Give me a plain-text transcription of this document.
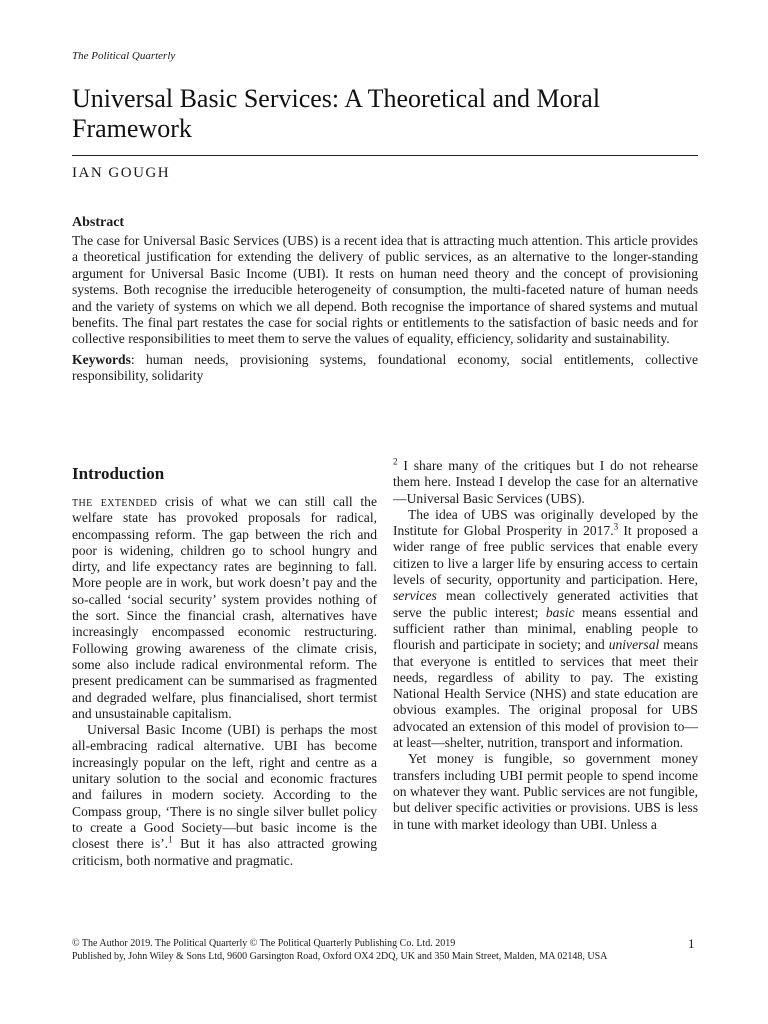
The Political Quarterly
Universal Basic Services: A Theoretical and Moral Framework
IAN GOUGH
Abstract

The case for Universal Basic Services (UBS) is a recent idea that is attracting much attention. This article provides a theoretical justification for extending the delivery of public services, as an alternative to the longer-standing argument for Universal Basic Income (UBI). It rests on human need theory and the concept of provisioning systems. Both recognise the irreducible heterogeneity of consumption, the multi-faceted nature of human needs and the variety of systems on which we all depend. Both recognise the importance of shared systems and mutual benefits. The final part restates the case for social rights or entitlements to the satisfaction of basic needs and for collective responsibilities to meet them to serve the values of equality, efficiency, solidarity and sustainability.

Keywords: human needs, provisioning systems, foundational economy, social entitlements, collective responsibility, solidarity

Introduction

the extended crisis of what we can still call the welfare state has provoked proposals for radical, encompassing reform. The gap between the rich and poor is widening, children go to school hungry and dirty, and life expectancy rates are beginning to fall. More people are in work, but work doesn’t pay and the so-called ‘social security’ system provides nothing of the sort. Since the financial crash, alternatives have increasingly encompassed economic restructuring. Following growing awareness of the climate crisis, some also include radical environmental reform. The present predicament can be summarised as fragmented and degraded welfare, plus financialised, short termist and unsustainable capitalism.

Universal Basic Income (UBI) is perhaps the most all-embracing radical alternative. UBI has become increasingly popular on the left, right and centre as a unitary solution to the social and economic fractures and failures in modern society. According to the Compass group, ‘There is no single silver bullet policy to create a Good Society—but basic income is the closest there is’.$^1$ But it has also attracted growing criticism, both normative and pragmatic.

$^2$ I share many of the critiques but I do not rehearse them here. Instead I develop the case for an alternative —Universal Basic Services (UBS).

The idea of UBS was originally developed by the Institute for Global Prosperity in 2017.$^3$ It proposed a wider range of free public services that enable every citizen to live a larger life by ensuring access to certain levels of security, opportunity and participation. Here, services mean collectively generated activities that serve the public interest; basic means essential and sufficient rather than minimal, enabling people to flourish and participate in society; and universal means that everyone is entitled to services that meet their needs, regardless of ability to pay. The existing National Health Service (NHS) and state education are obvious examples. The original proposal for UBS advocated an extension of this model of provision to—at least—shelter, nutrition, transport and information.

Yet money is fungible, so government money transfers including UBI permit people to spend income on whatever they want. Public services are not fungible, but deliver specific activities or provisions. UBS is less in tune with market ideology than UBI. Unless a

© The Author 2019. The Political Quarterly © The Political Quarterly Publishing Co. Ltd. 2019
Published by, John Wiley & Sons Ltd, 9600 Garsington Road, Oxford OX4 2DQ, UK and 350 Main Street, Malden, MA 02148, USA
1
